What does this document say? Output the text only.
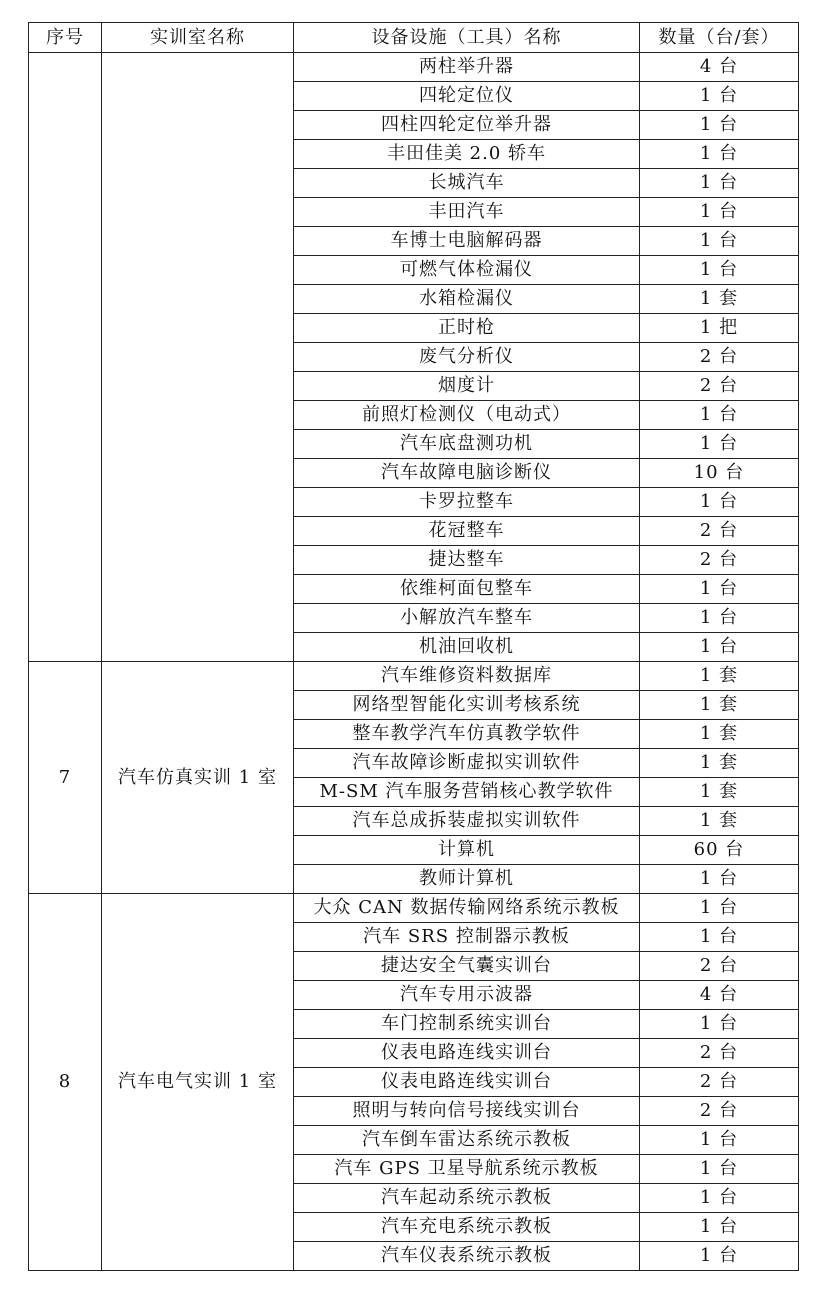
序号	实训室名称	设备设施（工具）名称	数量（台/套）
		两柱举升器	4 台
		四轮定位仪	1 台
		四柱四轮定位举升器	1 台
		丰田佳美 2.0 轿车	1 台
		长城汽车	1 台
		丰田汽车	1 台
		车博士电脑解码器	1 台
		可燃气体检漏仪	1 台
		水箱检漏仪	1 套
		正时枪	1 把
		废气分析仪	2 台
		烟度计	2 台
		前照灯检测仪（电动式）	1 台
		汽车底盘测功机	1 台
		汽车故障电脑诊断仪	10 台
		卡罗拉整车	1 台
		花冠整车	2 台
		捷达整车	2 台
		依维柯面包整车	1 台
		小解放汽车整车	1 台
		机油回收机	1 台
7	汽车仿真实训 1 室	汽车维修资料数据库	1 套
		网络型智能化实训考核系统	1 套
		整车教学汽车仿真教学软件	1 套
		汽车故障诊断虚拟实训软件	1 套
		M-SM 汽车服务营销核心教学软件	1 套
		汽车总成拆装虚拟实训软件	1 套
		计算机	60 台
		教师计算机	1 台
8	汽车电气实训 1 室	大众 CAN 数据传输网络系统示教板	1 台
		汽车 SRS 控制器示教板	1 台
		捷达安全气囊实训台	2 台
		汽车专用示波器	4 台
		车门控制系统实训台	1 台
		仪表电路连线实训台	2 台
		仪表电路连线实训台	2 台
		照明与转向信号接线实训台	2 台
		汽车倒车雷达系统示教板	1 台
		汽车 GPS 卫星导航系统示教板	1 台
		汽车起动系统示教板	1 台
		汽车充电系统示教板	1 台
		汽车仪表系统示教板	1 台
